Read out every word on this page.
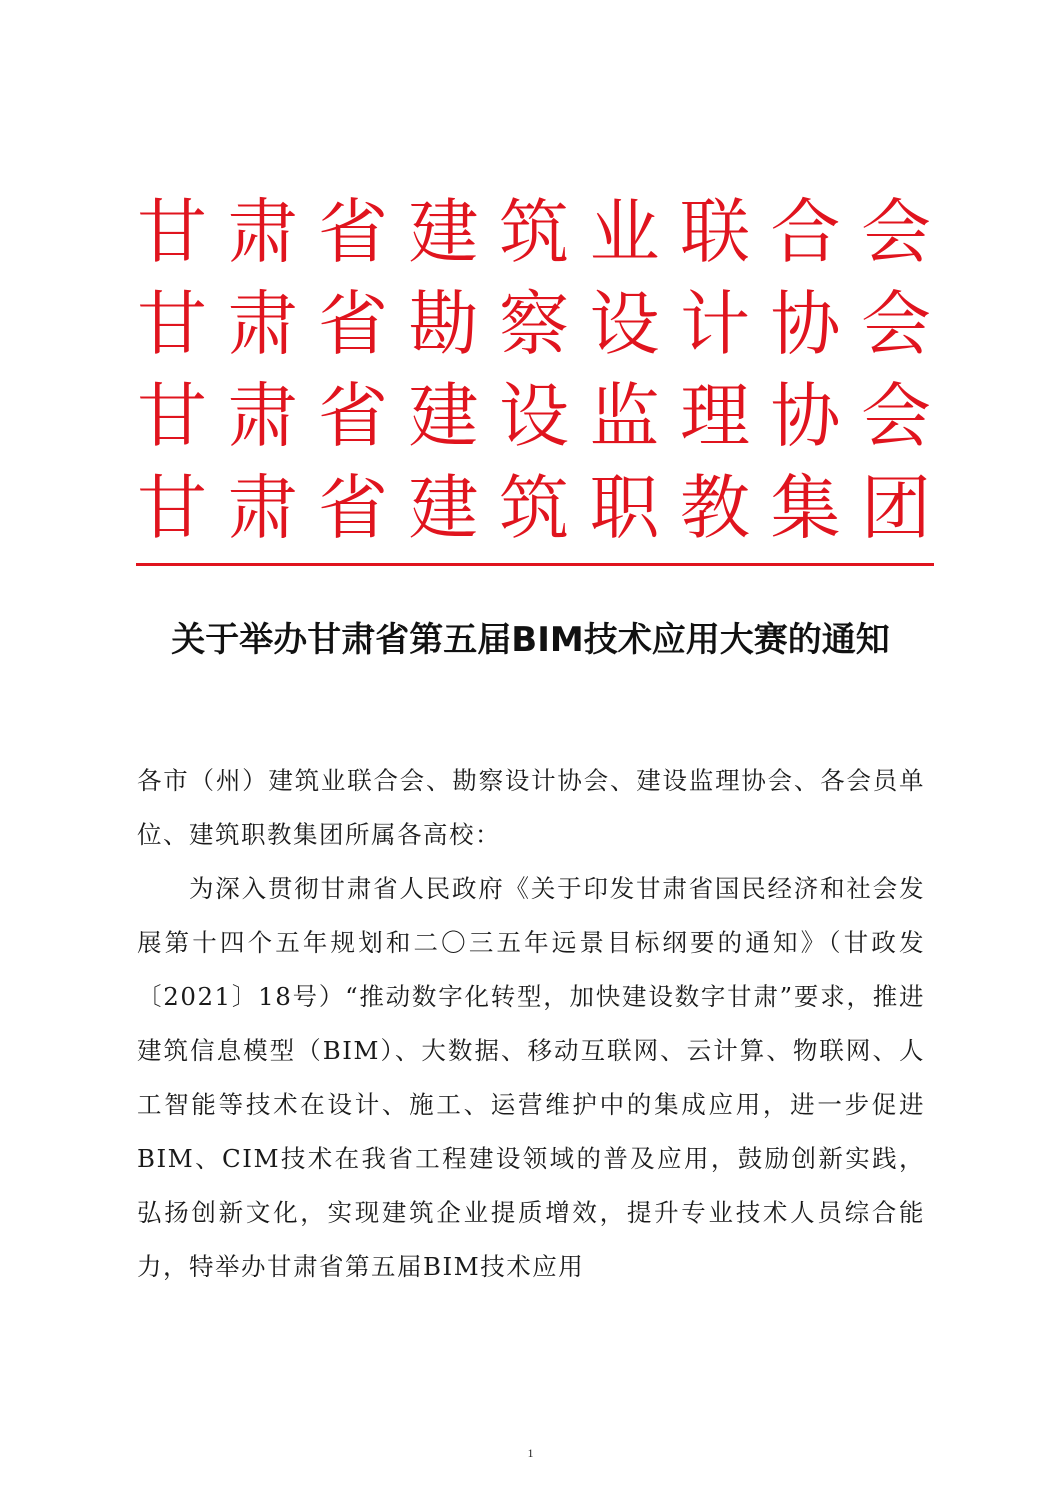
甘 肃 省 建 筑 业 联 合 会
甘 肃 省 勘 察 设 计 协 会
甘 肃 省 建 设 监 理 协 会
甘 肃 省 建 筑 职 教 集 团
关于举办甘肃省第五届BIM技术应用大赛的通知

各市（州）建筑业联合会、勘察设计协会、建设监理协会、各会员单位、建筑职教集团所属各高校：

为深入贯彻甘肃省人民政府《关于印发甘肃省国民经济和社会发展第十四个五年规划和二〇三五年远景目标纲要的通知》（甘政发〔2021〕18号）“推动数字化转型，加快建设数字甘肃”要求，推进建筑信息模型（BIM）、大数据、移动互联网、云计算、物联网、人工智能等技术在设计、施工、运营维护中的集成应用，进一步促进BIM、CIM技术在我省工程建设领域的普及应用，鼓励创新实践，弘扬创新文化，实现建筑企业提质增效，提升专业技术人员综合能力，特举办甘肃省第五届BIM技术应用

1
